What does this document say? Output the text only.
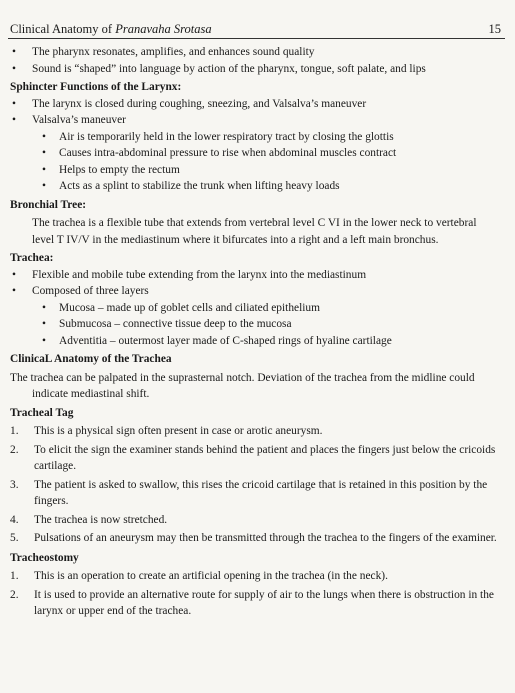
Clinical Anatomy of Pranavaha Srotasa	15
• The pharynx resonates, amplifies, and enhances sound quality
• Sound is “shaped” into language by action of the pharynx, tongue, soft palate, and lips
Sphincter Functions of the Larynx:
• The larynx is closed during coughing, sneezing, and Valsalva’s maneuver
• Valsalva’s maneuver
• Air is temporarily held in the lower respiratory tract by closing the glottis
• Causes intra-abdominal pressure to rise when abdominal muscles contract
• Helps to empty the rectum
• Acts as a splint to stabilize the trunk when lifting heavy loads
Bronchial Tree:
The trachea is a flexible tube that extends from vertebral level C VI in the lower neck to vertebral level T IV/V in the mediastinum where it bifurcates into a right and a left main bronchus.
Trachea:
• Flexible and mobile tube extending from the larynx into the mediastinum
• Composed of three layers
• Mucosa – made up of goblet cells and ciliated epithelium
• Submucosa – connective tissue deep to the mucosa
• Adventitia – outermost layer made of C-shaped rings of hyaline cartilage
ClinicaL Anatomy of the Trachea
The trachea can be palpated in the suprasternal notch. Deviation of the trachea from the midline could indicate mediastinal shift.
Tracheal Tag
1. This is a physical sign often present in case or arotic aneurysm.
2. To elicit the sign the examiner stands behind the patient and places the fingers just below the cricoids cartilage.
3. The patient is asked to swallow, this rises the cricoid cartilage that is retained in this position by the fingers.
4. The trachea is now stretched.
5. Pulsations of an aneurysm may then be transmitted through the trachea to the fingers of the examiner.
Tracheostomy
1. This is an operation to create an artificial opening in the trachea (in the neck).
2. It is used to provide an alternative route for supply of air to the lungs when there is obstruction in the larynx or upper end of the trachea.
